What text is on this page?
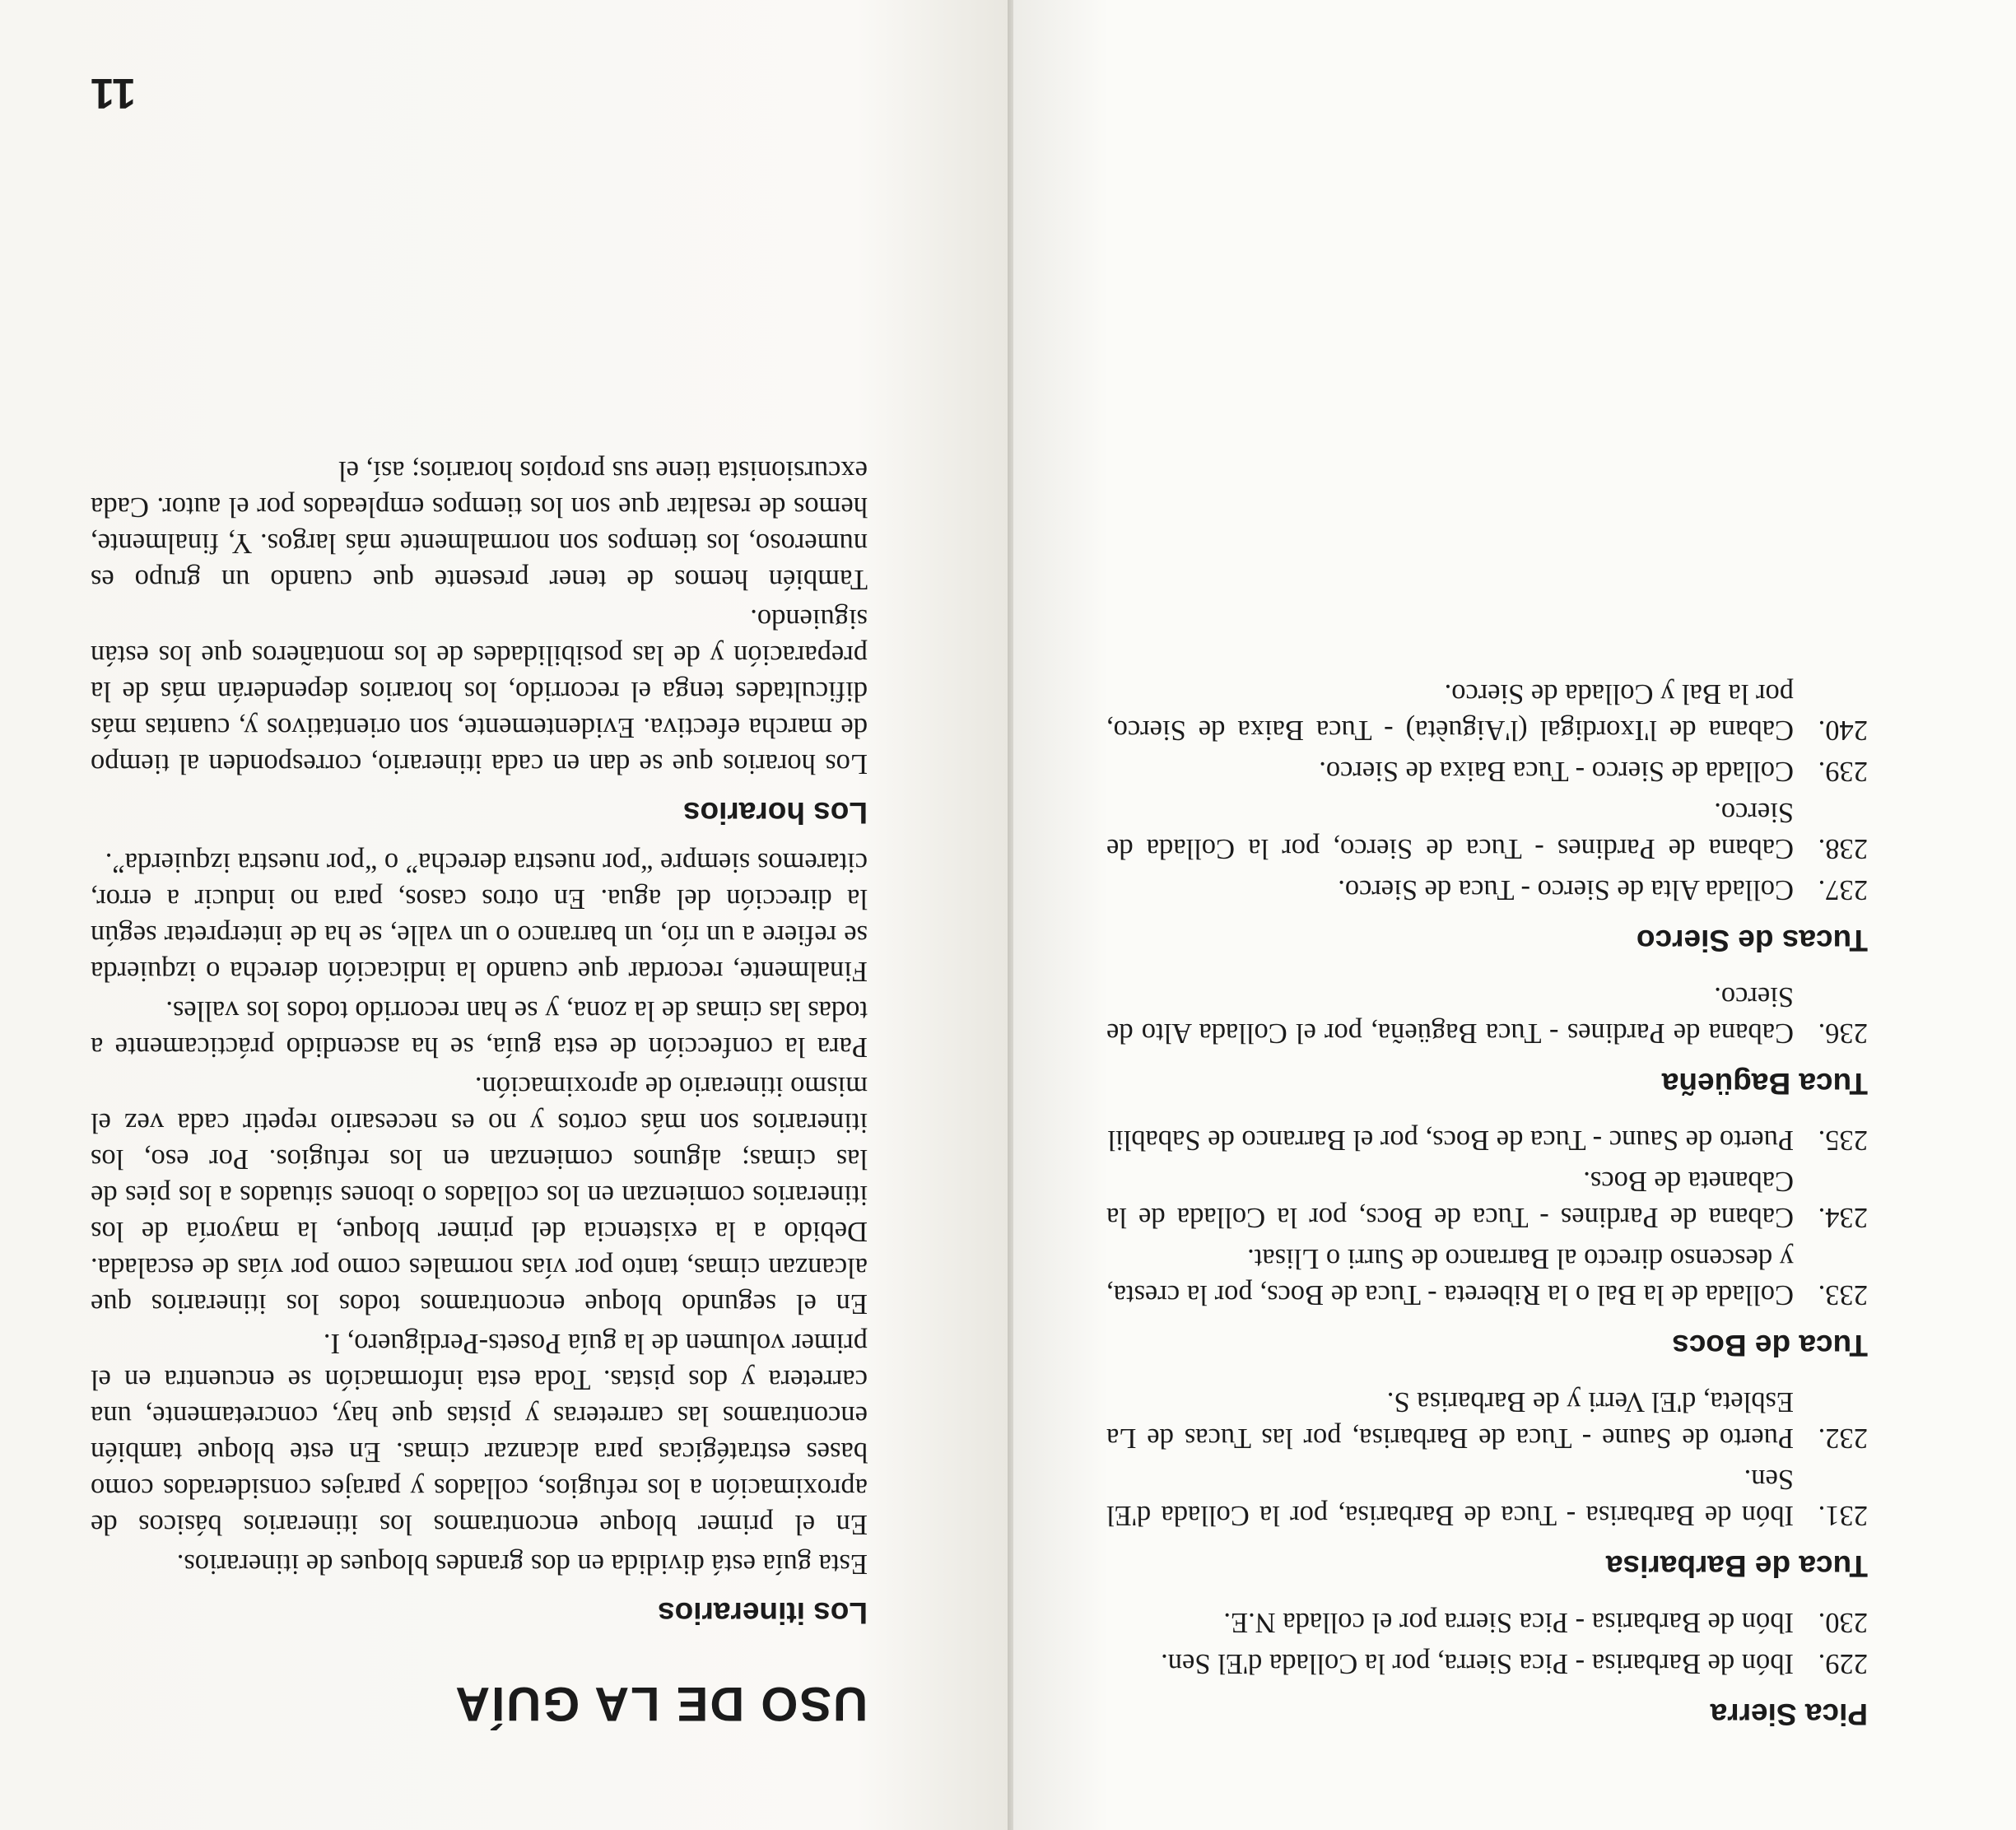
Pica Sierra
229.
Ibón de Barbarisa - Pica Sierra, por la Collada d'El Sen.
230.
Ibón de Barbarisa - Pica Sierra por el collada N.E.
Tuca de Barbarisa
231.
Ibón de Barbarisa - Tuca de Barbarisa, por la Collada d'El Sen.
232.
Puerto de Saune - Tuca de Barbarisa, por las Tucas de La Esbleta, d'El Verri y de Barbarisa S.
Tuca de Bocs
233.
Collada de la Bal o la Ribereta - Tuca de Bocs, por la cresta, y descenso directo al Barranco de Surri o Llisat.
234.
Cabana de Pardines - Tuca de Bocs, por la Collada de la Cabaneta de Bocs.
235.
Puerto de Saunc - Tuca de Bocs, por el Barranco de Sabablil
Tuca Bagüeña
236.
Cabana de Pardines - Tuca Bagüeña, por el Collada Alto de Sierco.
Tucas de Sierco
237.
Collada Alta de Sierco - Tuca de Sierco.
238.
Cabana de Pardines - Tuca de Sierco, por la Collada de Sierco.
239.
Collada de Sierco - Tuca Baixa de Sierco.
240.
Cabana de l'Ixordigal (l'Aiguèta) - Tuca Baixa de Sierco, por la Bal y Collada de Sierco.
USO DE LA GUÍA
Los itinerarios

Esta guía está dividida en dos grandes bloques de itinerarios.

En el primer bloque encontramos los itinerarios básicos de aproximación a los refugios, collados y parajes considerados como bases estratégicas para alcanzar cimas. En este bloque también encontramos las carreteras y pistas que hay, concretamente, una carretera y dos pistas. Toda esta información se encuentra en el primer volumen de la guía Posets-Perdiguero, I.

En el segundo bloque encontramos todos los itinerarios que alcanzan cimas, tanto por vías normales como por vías de escalada. Debido a la existencia del primer bloque, la mayoría de los itinerarios comienzan en los collados o ibones situados a los pies de las cimas; algunos comienzan en los refugios. Por eso, los itinerarios son más cortos y no es necesario repetir cada vez el mismo itinerario de aproximación.

Para la confección de esta guía, se ha ascendido prácticamente a todas las cimas de la zona, y se han recorrido todos los valles.

Finalmente, recordar que cuando la indicación derecha o izquierda se refiere a un río, un barranco o un valle, se ha de interpretar según la dirección del agua. En otros casos, para no inducir a error, citaremos siempre “por nuestra derecha” o “por nuestra izquierda”.

Los horarios

Los horarios que se dan en cada itinerario, corresponden al tiempo de marcha efectiva. Evidentemente, son orientativos y, cuantas más dificultades tenga el recorrido, los horarios dependerán más de la preparación y de las posibilidades de los montañeros que los están siguiendo.

También hemos de tener presente que cuando un grupo es numeroso, los tiempos son normalmente más largos. Y, finalmente, hemos de resaltar que son los tiempos empleados por el autor. Cada excursionista tiene sus propios horarios; así, el

11
